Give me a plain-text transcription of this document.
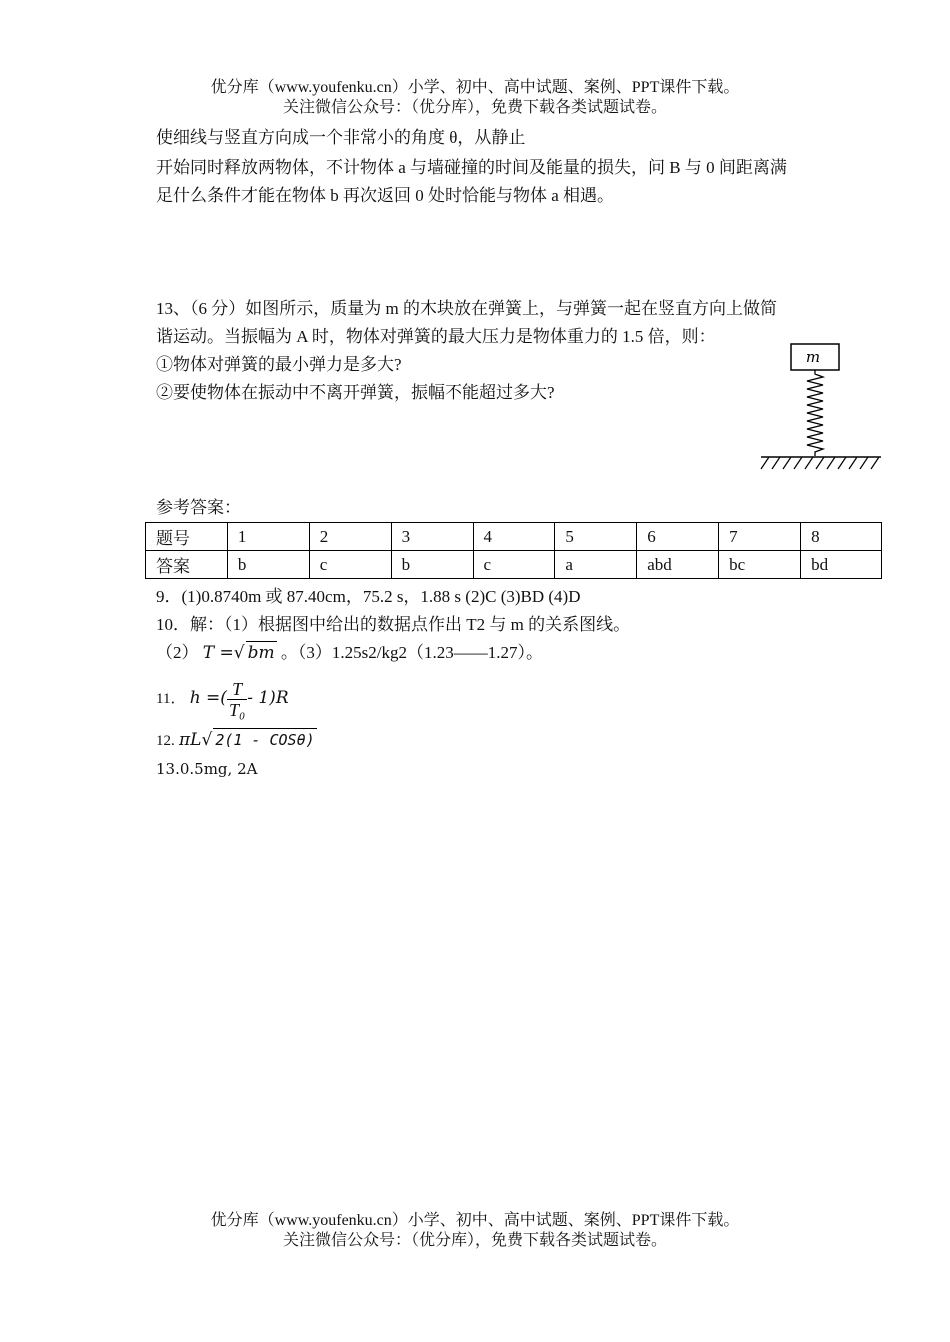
优分库（www.youfenku.cn）小学、初中、高中试题、案例、PPT课件下载。
关注微信公众号：（优分库），免费下载各类试题试卷。
使细线与竖直方向成一个非常小的角度 θ，从静止
开始同时释放两物体，不计物体 a 与墙碰撞的时间及能量的损失，问 B 与 0 间距离满
足什么条件才能在物体 b 再次返回 0 处时恰能与物体 a 相遇。
13、（6 分）如图所示，质量为 m 的木块放在弹簧上，与弹簧一起在竖直方向上做简
谐运动。当振幅为 A 时，物体对弹簧的最大压力是物体重力的 1.5 倍，则：
①物体对弹簧的最小弹力是多大?
②要使物体在振动中不离开弹簧，振幅不能超过多大?
m
参考答案：
题号	1	2	3	4	5	6	7	8
答案	b	c	b	c	a	abd	bc	bd
9．(1)0.8740m 或 87.40cm，75.2 s，1.88 s (2)C (3)BD (4)D
10．解：（1）根据图中给出的数据点作出 T2 与 m 的关系图线。
（2） T =√ bm 。（3）1.25s2/kg2（1.23——1.27）。
11． h =( $\frac{T}{\text{T₀}} - 1)R$
12. πL√ 2(1 - COSθ)
13.0.5mg, 2A
优分库（www.youfenku.cn）小学、初中、高中试题、案例、PPT课件下载。
关注微信公众号：（优分库），免费下载各类试题试卷。
